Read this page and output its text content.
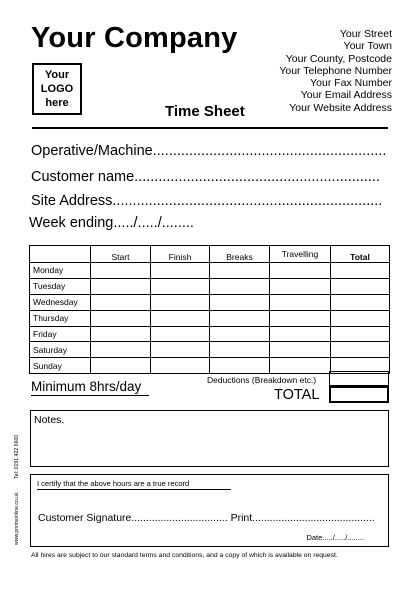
Your Company
Your
LOGO
here
Your Street
Your Town
Your County, Postcode
Your Telephone Number
Your Fax Number
Your Email Address
Your Website Address
Time Sheet
Operative/Machine..........................................................
Customer name.............................................................
Site Address...................................................................
Week ending...../...../........
	Start	Finish	Breaks	Travelling	Total
Monday					
Tuesday					
Wednesday					
Thursday					
Friday					
Saturday					
Sunday					
Minimum 8hrs/day	Deductions (Breakdown etc.)
TOTAL
Notes.
I certify that the above hours are a true record
Customer Signature................................. Print..........................................
Date...../...../........
All hires are subject to our standard terms and conditions, and a copy of which is available on request.
www.printsonline.co.uk Tel: 0191 422 6600
